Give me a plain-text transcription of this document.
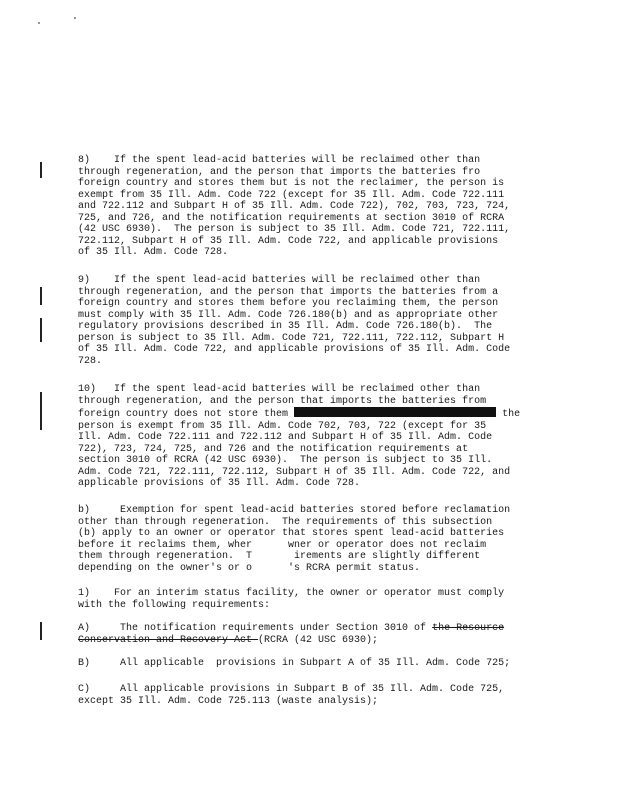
8)    If the spent lead-acid batteries will be reclaimed other than
through regeneration, and the person that imports the batteries fro
foreign country and stores them but is not the reclaimer, the person is
exempt from 35 Ill. Adm. Code 722 (except for 35 Ill. Adm. Code 722.111
and 722.112 and Subpart H of 35 Ill. Adm. Code 722), 702, 703, 723, 724,
725, and 726, and the notification requirements at section 3010 of RCRA
(42 USC 6930).  The person is subject to 35 Ill. Adm. Code 721, 722.111,
722.112, Subpart H of 35 Ill. Adm. Code 722, and applicable provisions
of 35 Ill. Adm. Code 728.
9)    If the spent lead-acid batteries will be reclaimed other than
through regeneration, and the person that imports the batteries from a
foreign country and stores them before you reclaiming them, the person
must comply with 35 Ill. Adm. Code 726.180(b) and as appropriate other
regulatory provisions described in 35 Ill. Adm. Code 726.180(b).  The
person is subject to 35 Ill. Adm. Code 721, 722.111, 722.112, Subpart H
of 35 Ill. Adm. Code 722, and applicable provisions of 35 Ill. Adm. Code
728.
10)   If the spent lead-acid batteries will be reclaimed other than
through regeneration, and the person that imports the batteries from
foreign country does not store them	the
person is exempt from 35 Ill. Adm. Code 702, 703, 722 (except for 35
Ill. Adm. Code 722.111 and 722.112 and Subpart H of 35 Ill. Adm. Code
722), 723, 724, 725, and 726 and the notification requirements at
section 3010 of RCRA (42 USC 6930).  The person is subject to 35 Ill.
Adm. Code 721, 722.111, 722.112, Subpart H of 35 Ill. Adm. Code 722, and
applicable provisions of 35 Ill. Adm. Code 728.
b)     Exemption for spent lead-acid batteries stored before reclamation
other than through regeneration.  The requirements of this subsection
(b) apply to an owner or operator that stores spent lead-acid batteries
before it reclaims them, wher      wner or operator does not reclaim
them through regeneration.  T       irements are slightly different
depending on the owner's or o      's RCRA permit status.
1)    For an interim status facility, the owner or operator must comply
with the following requirements:
A)     The notification requirements under Section 3010 of the Resource
Conservation and Recovery Act (RCRA (42 USC 6930);
B)     All applicable  provisions in Subpart A of 35 Ill. Adm. Code 725;
C)     All applicable provisions in Subpart B of 35 Ill. Adm. Code 725,
except 35 Ill. Adm. Code 725.113 (waste analysis);
